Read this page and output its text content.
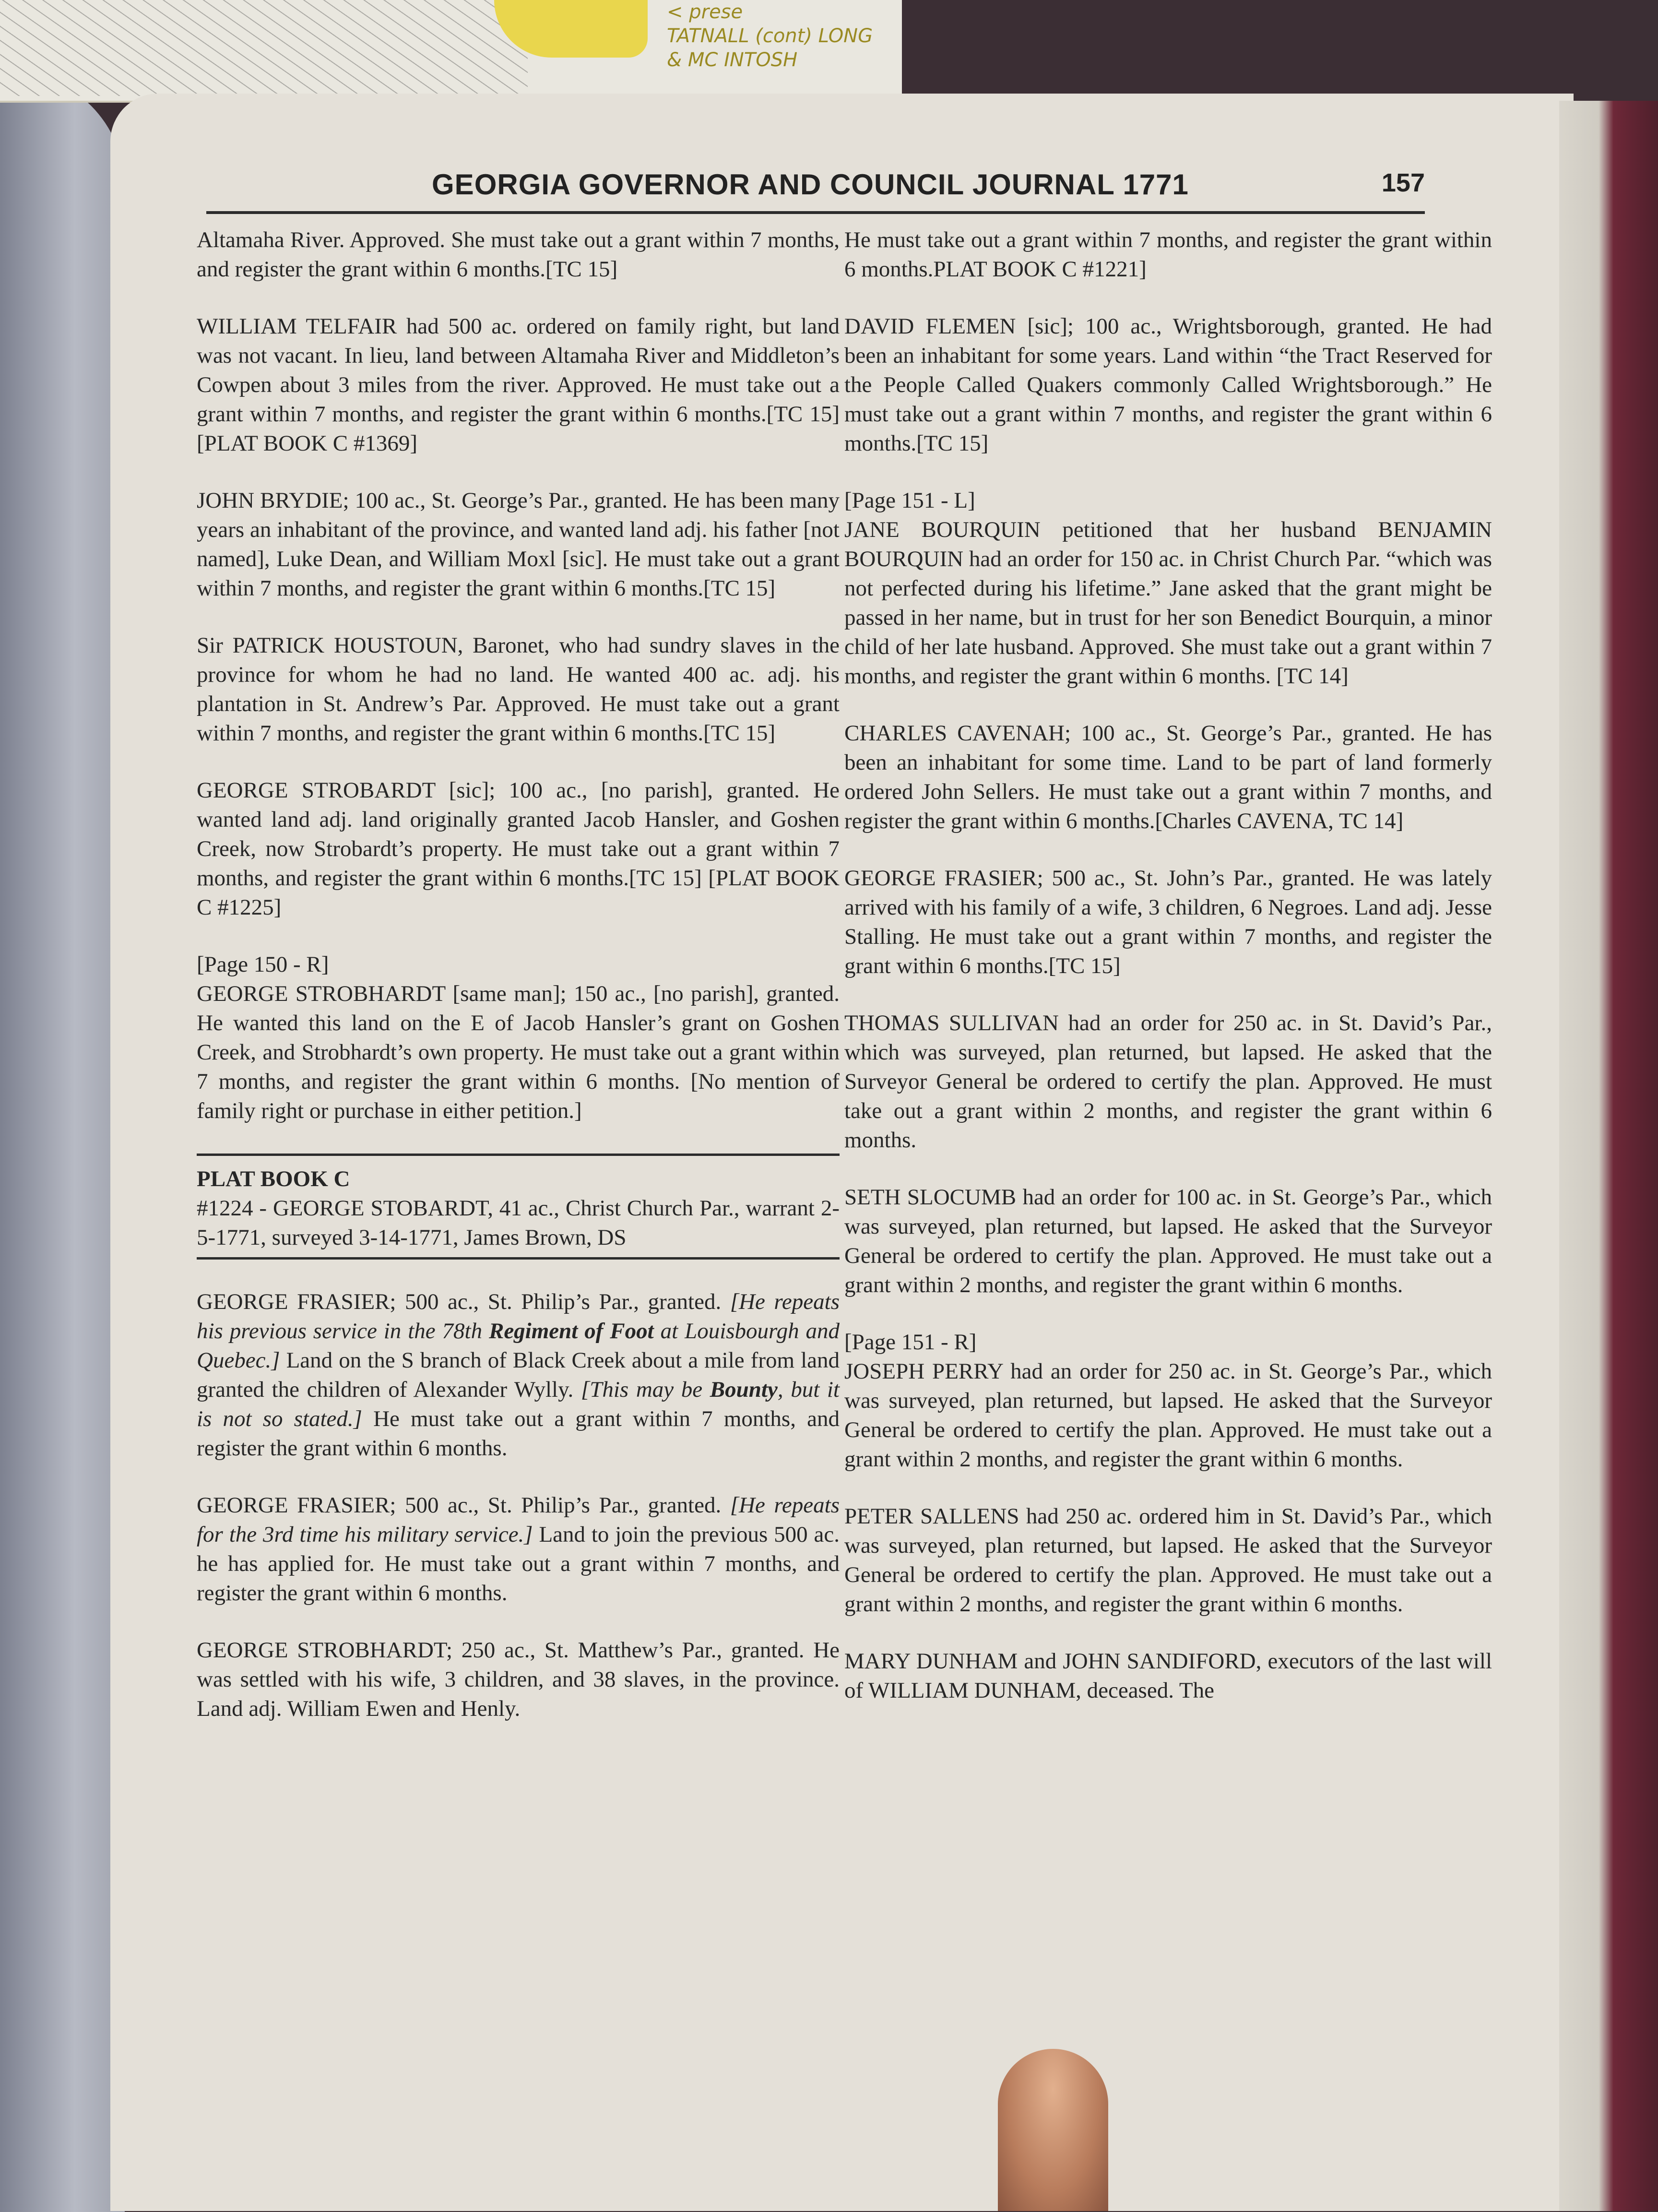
< prese
TATNALL (cont) LONG
& MC INTOSH
GEORGIA GOVERNOR AND COUNCIL JOURNAL 1771	157

Altamaha River. Approved. She must take out a grant within 7 months, and register the grant within 6 months.[TC 15]

WILLIAM TELFAIR had 500 ac. ordered on family right, but land was not vacant. In lieu, land between Altamaha River and Middleton’s Cowpen about 3 miles from the river. Approved. He must take out a grant within 7 months, and register the grant within 6 months.[TC 15][PLAT BOOK C #1369]

JOHN BRYDIE; 100 ac., St. George’s Par., granted. He has been many years an inhabitant of the province, and wanted land adj. his father [not named], Luke Dean, and William Moxl [sic]. He must take out a grant within 7 months, and register the grant within 6 months.[TC 15]

Sir PATRICK HOUSTOUN, Baronet, who had sundry slaves in the province for whom he had no land. He wanted 400 ac. adj. his plantation in St. Andrew’s Par. Approved. He must take out a grant within 7 months, and register the grant within 6 months.[TC 15]

GEORGE STROBARDT [sic]; 100 ac., [no parish], granted. He wanted land adj. land originally granted Jacob Hansler, and Goshen Creek, now Strobardt’s property. He must take out a grant within 7 months, and register the grant within 6 months.[TC 15] [PLAT BOOK C #1225]

[Page 150 - R]
GEORGE STROBHARDT [same man]; 150 ac., [no parish], granted. He wanted this land on the E of Jacob Hansler’s grant on Goshen Creek, and Strobhardt’s own property. He must take out a grant within 7 months, and register the grant within 6 months. [No mention of family right or purchase in either petition.]

PLAT BOOK C
#1224 - GEORGE STOBARDT, 41 ac., Christ Church Par., warrant 2-5-1771, surveyed 3-14-1771, James Brown, DS

GEORGE FRASIER; 500 ac., St. Philip’s Par., granted. [He repeats his previous service in the 78th Regiment of Foot at Louisbourgh and Quebec.] Land on the S branch of Black Creek about a mile from land granted the children of Alexander Wylly. [This may be Bounty, but it is not so stated.] He must take out a grant within 7 months, and register the grant within 6 months.

GEORGE FRASIER; 500 ac., St. Philip’s Par., granted. [He repeats for the 3rd time his military service.] Land to join the previous 500 ac. he has applied for. He must take out a grant within 7 months, and register the grant within 6 months.

GEORGE STROBHARDT; 250 ac., St. Matthew’s Par., granted. He was settled with his wife, 3 children, and 38 slaves, in the province. Land adj. William Ewen and Henly.

He must take out a grant within 7 months, and register the grant within 6 months.PLAT BOOK C #1221]

DAVID FLEMEN [sic]; 100 ac., Wrightsborough, granted. He had been an inhabitant for some years. Land within “the Tract Reserved for the People Called Quakers commonly Called Wrightsborough.” He must take out a grant within 7 months, and register the grant within 6 months.[TC 15]

[Page 151 - L]
JANE BOURQUIN petitioned that her husband BENJAMIN BOURQUIN had an order for 150 ac. in Christ Church Par. “which was not perfected during his lifetime.” Jane asked that the grant might be passed in her name, but in trust for her son Benedict Bourquin, a minor child of her late husband. Approved. She must take out a grant within 7 months, and register the grant within 6 months. [TC 14]

CHARLES CAVENAH; 100 ac., St. George’s Par., granted. He has been an inhabitant for some time. Land to be part of land formerly ordered John Sellers. He must take out a grant within 7 months, and register the grant within 6 months.[Charles CAVENA, TC 14]

GEORGE FRASIER; 500 ac., St. John’s Par., granted. He was lately arrived with his family of a wife, 3 children, 6 Negroes. Land adj. Jesse Stalling. He must take out a grant within 7 months, and register the grant within 6 months.[TC 15]

THOMAS SULLIVAN had an order for 250 ac. in St. David’s Par., which was surveyed, plan returned, but lapsed. He asked that the Surveyor General be ordered to certify the plan. Approved. He must take out a grant within 2 months, and register the grant within 6 months.

SETH SLOCUMB had an order for 100 ac. in St. George’s Par., which was surveyed, plan returned, but lapsed. He asked that the Surveyor General be ordered to certify the plan. Approved. He must take out a grant within 2 months, and register the grant within 6 months.

[Page 151 - R]
JOSEPH PERRY had an order for 250 ac. in St. George’s Par., which was surveyed, plan returned, but lapsed. He asked that the Surveyor General be ordered to certify the plan. Approved. He must take out a grant within 2 months, and register the grant within 6 months.

PETER SALLENS had 250 ac. ordered him in St. David’s Par., which was surveyed, plan returned, but lapsed. He asked that the Surveyor General be ordered to certify the plan. Approved. He must take out a grant within 2 months, and register the grant within 6 months.

MARY DUNHAM and JOHN SANDIFORD, executors of the last will of WILLIAM DUNHAM, deceased. The
